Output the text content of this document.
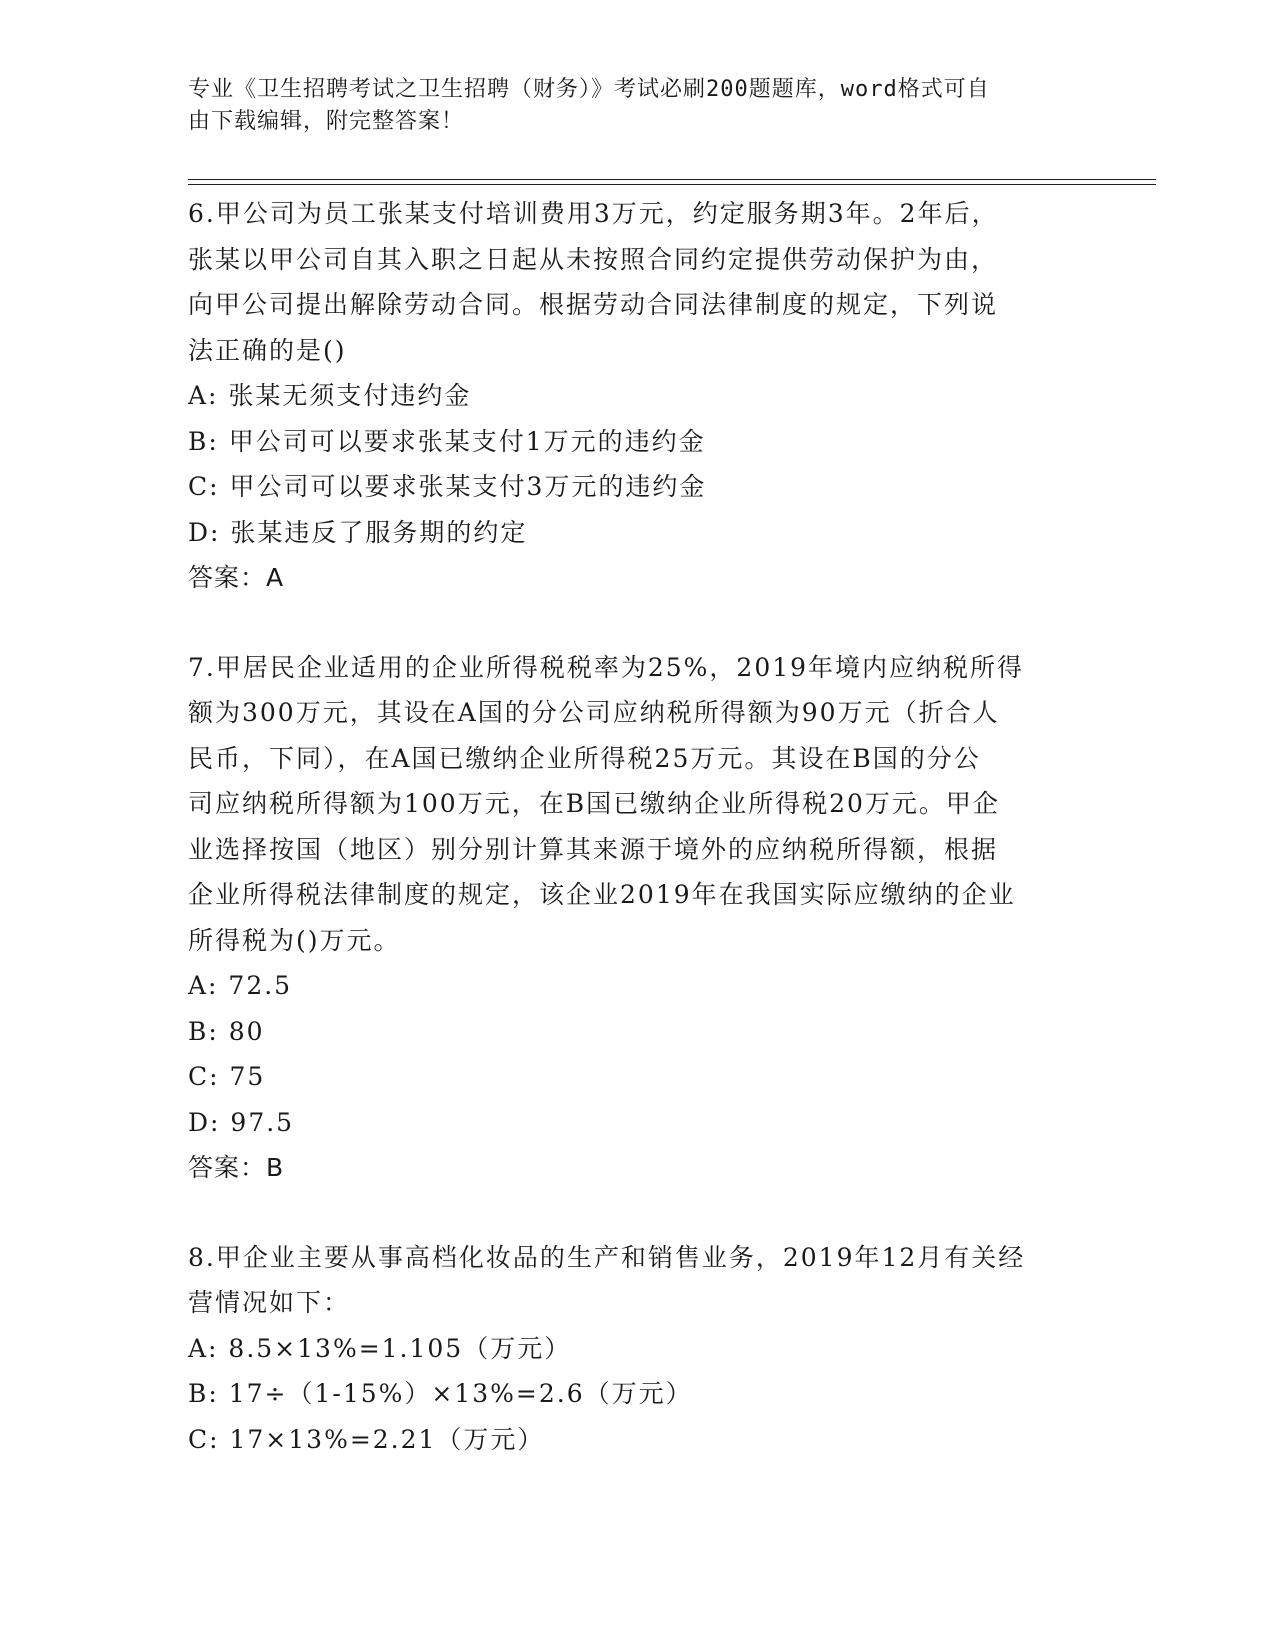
专业《卫生招聘考试之卫生招聘（财务）》考试必刷200题题库，word格式可自
由下载编辑，附完整答案！

6.甲公司为员工张某支付培训费用3万元，约定服务期3年。2年后，

张某以甲公司自其入职之日起从未按照合同约定提供劳动保护为由，

向甲公司提出解除劳动合同。根据劳动合同法律制度的规定，下列说

法正确的是()

A: 张某无须支付违约金

B: 甲公司可以要求张某支付1万元的违约金

C: 甲公司可以要求张某支付3万元的违约金

D: 张某违反了服务期的约定

答案：A

7.甲居民企业适用的企业所得税税率为25%，2019年境内应纳税所得

额为300万元，其设在A国的分公司应纳税所得额为90万元（折合人

民币，下同），在A国已缴纳企业所得税25万元。其设在B国的分公

司应纳税所得额为100万元，在B国已缴纳企业所得税20万元。甲企

业选择按国（地区）别分别计算其来源于境外的应纳税所得额，根据

企业所得税法律制度的规定，该企业2019年在我国实际应缴纳的企业

所得税为()万元。

A: 72.5

B: 80

C: 75

D: 97.5

答案：B

8.甲企业主要从事高档化妆品的生产和销售业务，2019年12月有关经

营情况如下：

A: 8.5×13%=1.105（万元）

B: 17÷（1-15%）×13%=2.6（万元）

C: 17×13%=2.21（万元）
